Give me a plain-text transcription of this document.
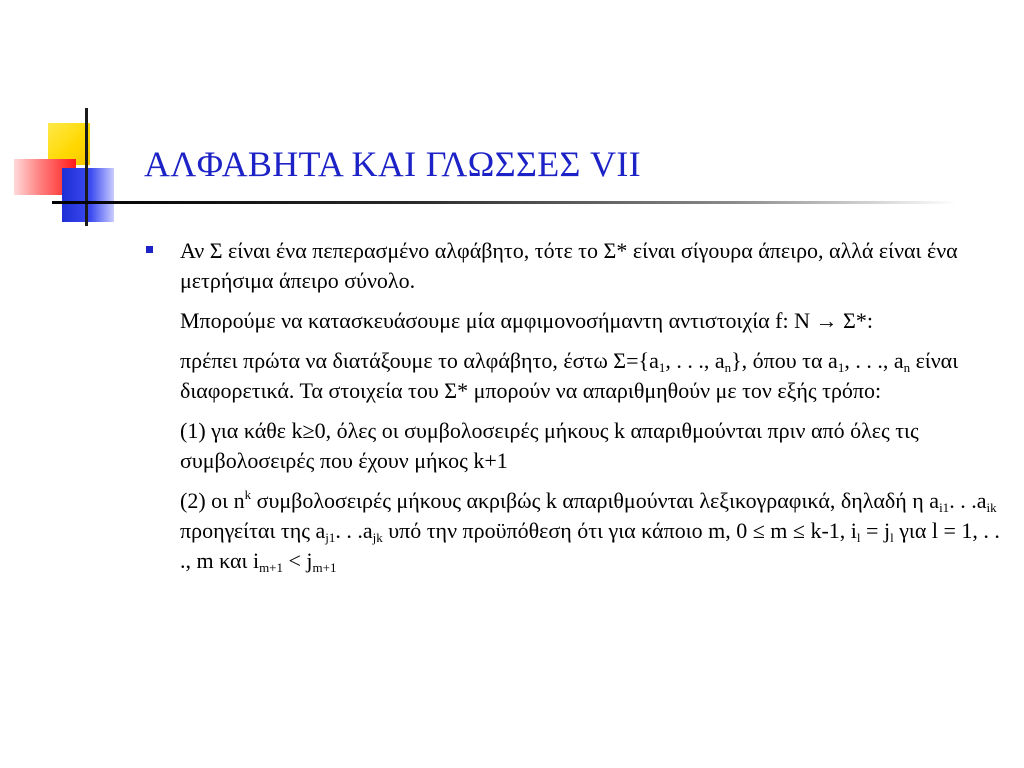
ΑΛΦΑΒΗΤΑ ΚΑΙ ΓΛΩΣΣΕΣ VII

Αν Σ είναι ένα πεπερασμένο αλφάβητο, τότε το Σ* είναι σίγουρα άπειρο, αλλά είναι ένα μετρήσιμα άπειρο σύνολο.

Μπορούμε να κατασκευάσουμε μία αμφιμονοσήμαντη αντιστοιχία f: N → Σ*:

πρέπει πρώτα να διατάξουμε το αλφάβητο, έστω $\Sigma=\{a_1$, . . ., $a_n$}, όπου τα $a_1$, . . ., $a_n$ είναι διαφορετικά. Τα στοιχεία του Σ* μπορούν να απαριθμηθούν με τον εξής τρόπο:

(1) για κάθε k≥0, όλες οι συμβολοσειρές μήκους k απαριθμούνται πριν από όλες τις συμβολοσειρές που έχουν μήκος k+1

(2) οι $n^k$ συμβολοσειρές μήκους ακριβώς k απαριθμούνται λεξικογραφικά, δηλαδή η $a_{i1}$. . $.a_{ik}$ προηγείται της $a_{j1}$. . $.a_{jk}$ υπό την προϋπόθεση ότι για κάποιο m, 0 ≤ m ≤ k-1, $i_l = j_l$ για l = 1, . . ., m και $i_{m+1} < j_{m+1}$
